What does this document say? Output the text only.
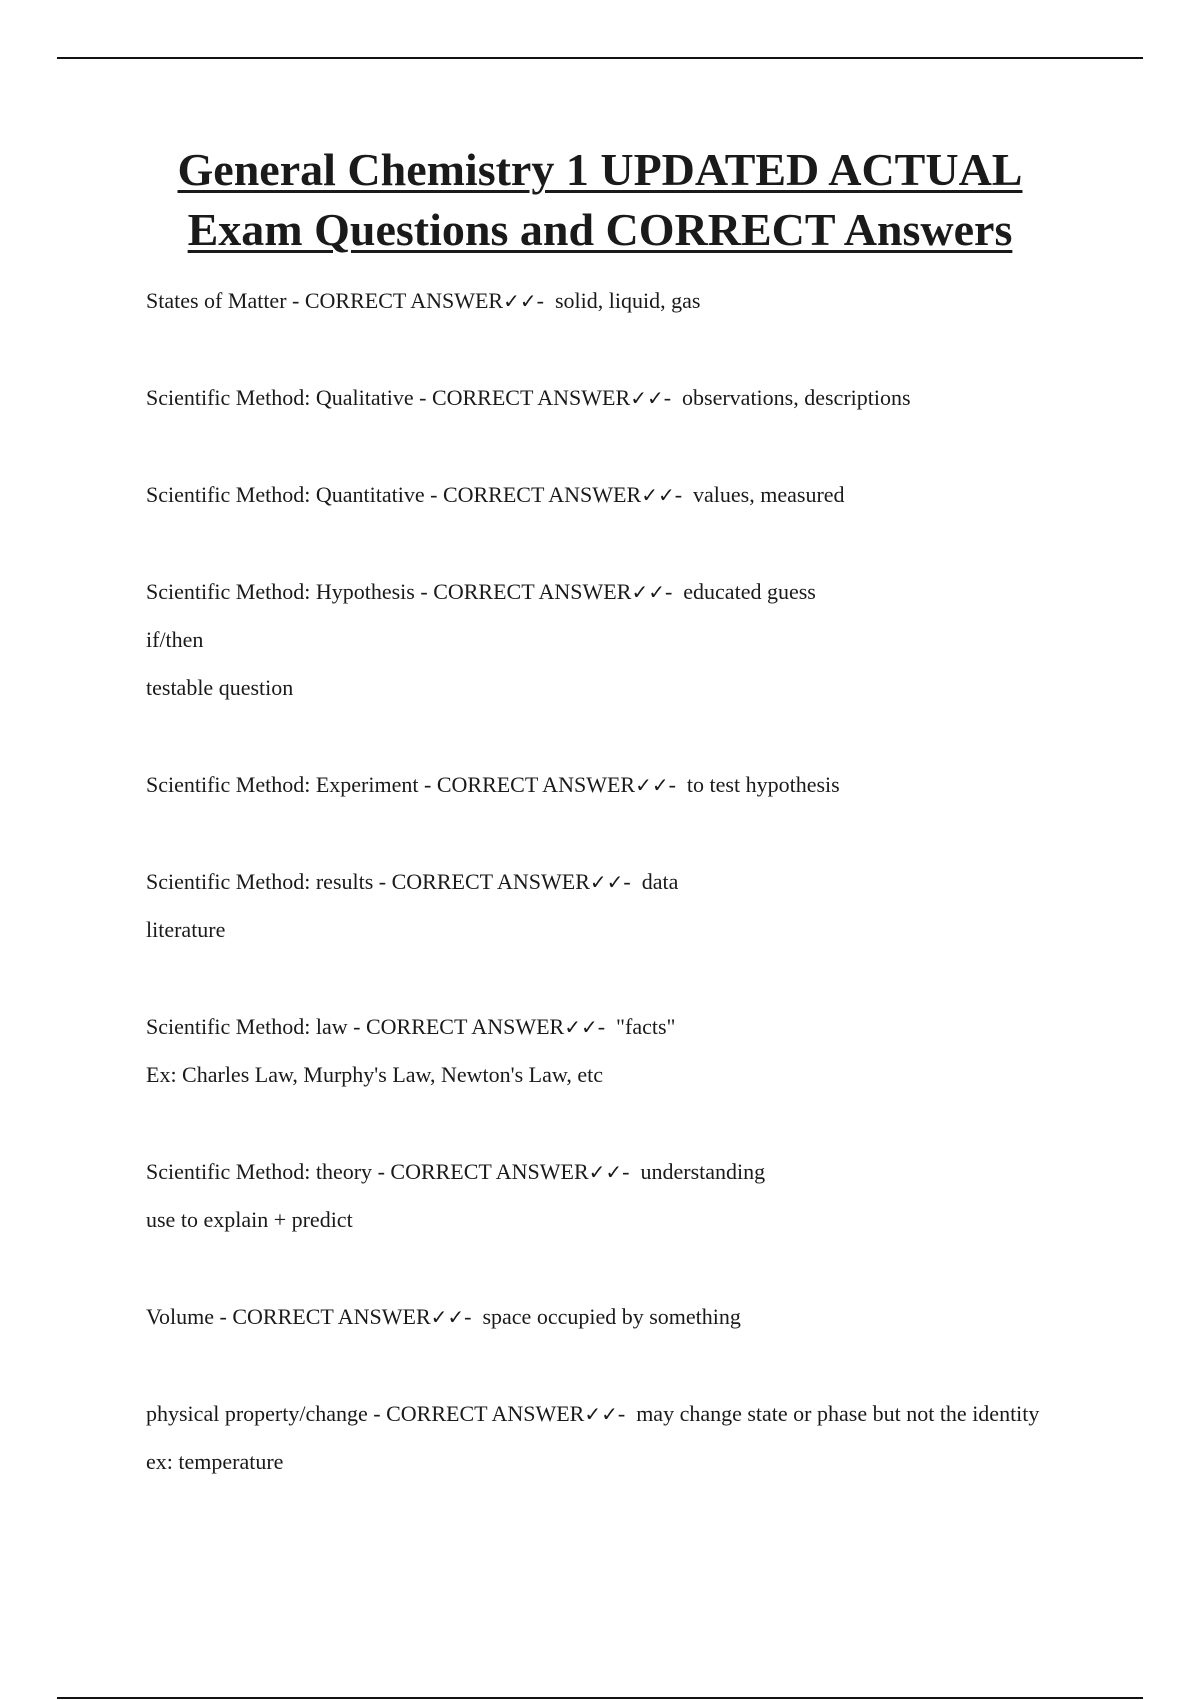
General Chemistry 1 UPDATED ACTUAL
Exam Questions and CORRECT Answers

States of Matter - CORRECT ANSWER✓✓-  solid, liquid, gas

Scientific Method: Qualitative - CORRECT ANSWER✓✓-  observations, descriptions

Scientific Method: Quantitative - CORRECT ANSWER✓✓-  values, measured

Scientific Method: Hypothesis - CORRECT ANSWER✓✓-  educated guess

if/then

testable question

Scientific Method: Experiment - CORRECT ANSWER✓✓-  to test hypothesis

Scientific Method: results - CORRECT ANSWER✓✓-  data

literature

Scientific Method: law - CORRECT ANSWER✓✓-  "facts"

Ex: Charles Law, Murphy's Law, Newton's Law, etc

Scientific Method: theory - CORRECT ANSWER✓✓-  understanding

use to explain + predict

Volume - CORRECT ANSWER✓✓-  space occupied by something

physical property/change - CORRECT ANSWER✓✓-  may change state or phase but not the identity

ex: temperature
